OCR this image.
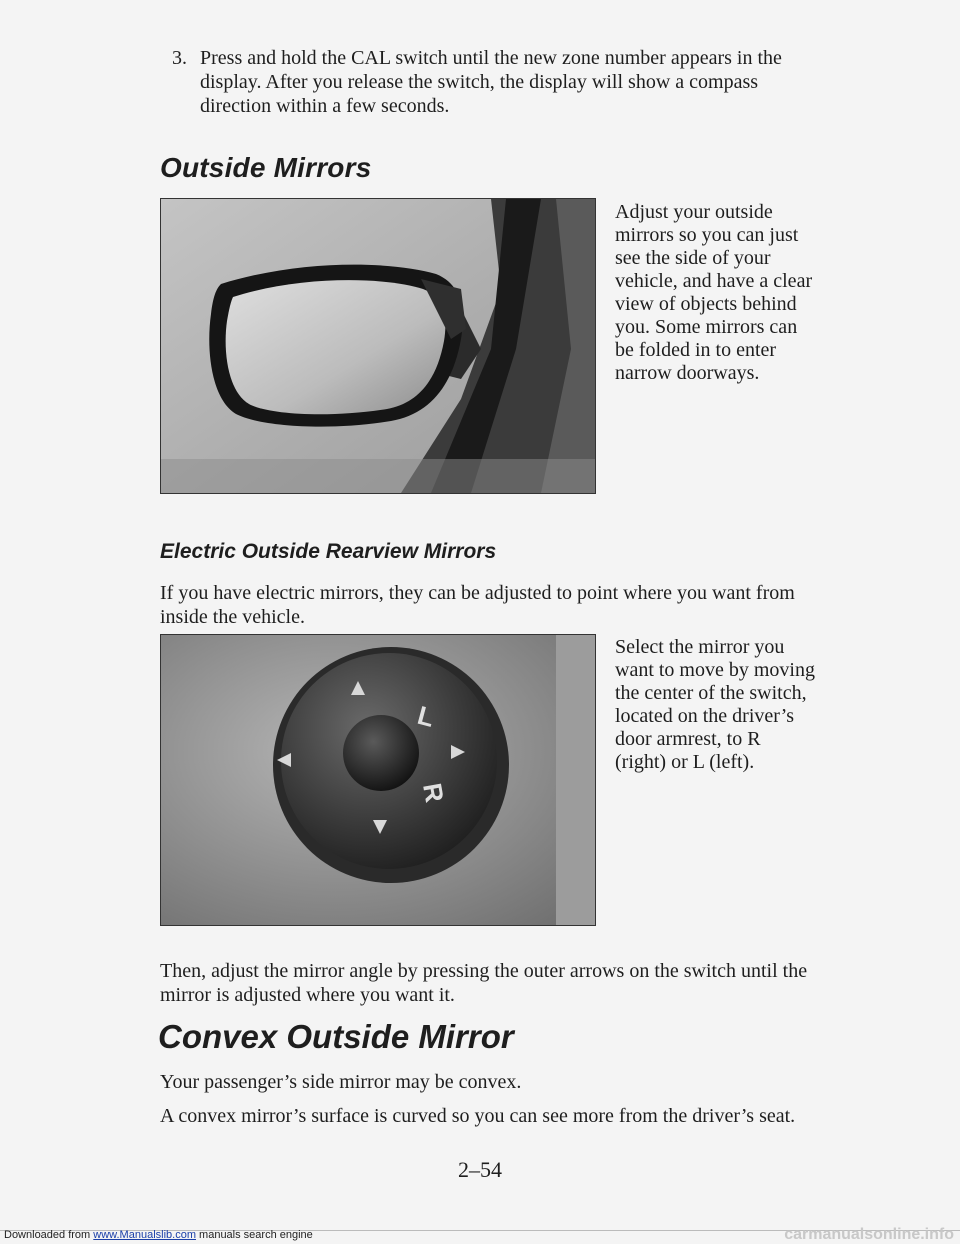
3. Press and hold the CAL switch until the new zone number appears in the display. After you release the switch, the display will show a compass direction within a few seconds.
Outside Mirrors
Adjust your outside mirrors so you can just see the side of your vehicle, and have a clear view of objects behind you. Some mirrors can be folded in to enter narrow doorways.
Electric Outside Rearview Mirrors
If you have electric mirrors, they can be adjusted to point where you want from inside the vehicle.
L
R
Select the mirror you want to move by moving the center of the switch, located on the driver’s door armrest, to R (right) or L (left).
Then, adjust the mirror angle by pressing the outer arrows on the switch until the mirror is adjusted where you want it.
Convex Outside Mirror
Your passenger’s side mirror may be convex.
A convex mirror’s surface is curved so you can see more from the driver’s seat.
2–54
Downloaded from www.Manualslib.com manuals search engine	carmanualsonline.info
